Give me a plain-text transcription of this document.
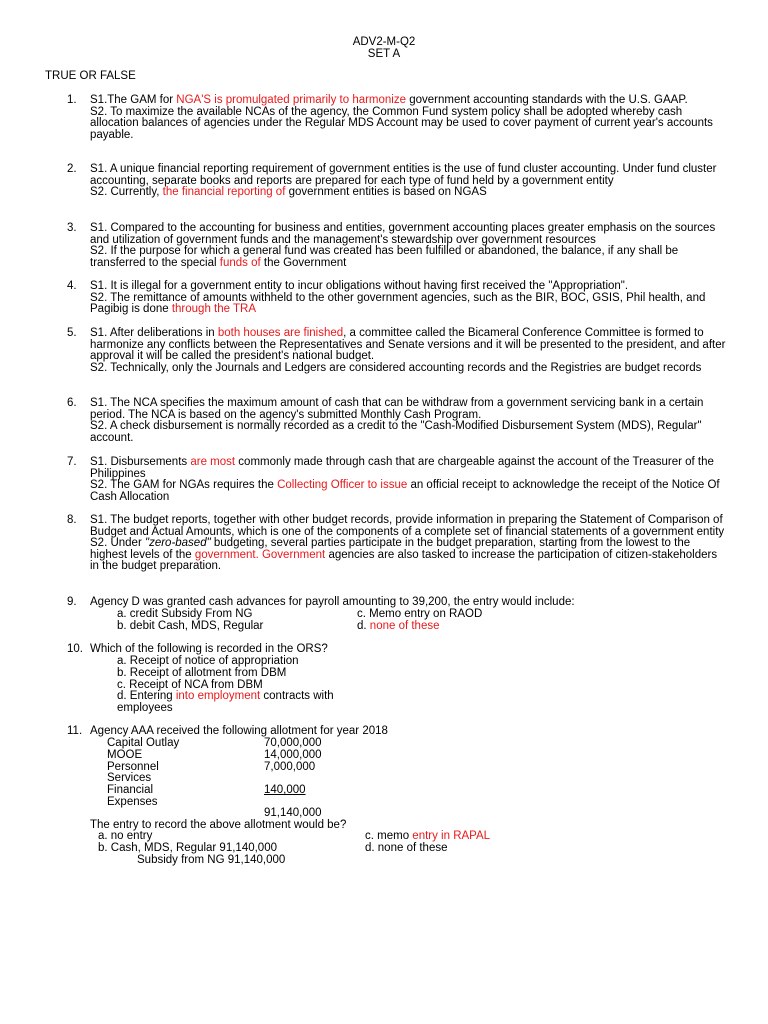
ADV2-M-Q2
SET A
TRUE OR FALSE
1. S1.The GAM for NGA'S is promulgated primarily to harmonize government accounting standards with the U.S. GAAP.
S2. To maximize the available NCAs of the agency, the Common Fund system policy shall be adopted whereby cash allocation balances of agencies under the Regular MDS Account may be used to cover payment of current year's accounts payable.
2. S1. A unique financial reporting requirement of government entities is the use of fund cluster accounting. Under fund cluster accounting, separate books and reports are prepared for each type of fund held by a government entity
S2. Currently, the financial reporting of government entities is based on NGAS
3. S1. Compared to the accounting for business and entities, government accounting places greater emphasis on the sources and utilization of government funds and the management's stewardship over government resources
S2. If the purpose for which a general fund was created has been fulfilled or abandoned, the balance, if any shall be transferred to the special funds of the Government
4. S1. It is illegal for a government entity to incur obligations without having first received the "Appropriation".
S2. The remittance of amounts withheld to the other government agencies, such as the BIR, BOC, GSIS, Phil health, and Pagibig is done through the TRA
5. S1. After deliberations in both houses are finished, a committee called the Bicameral Conference Committee is formed to harmonize any conflicts between the Representatives and Senate versions and it will be presented to the president, and after approval it will be called the president's national budget.
S2. Technically, only the Journals and Ledgers are considered accounting records and the Registries are budget records
6. S1. The NCA specifies the maximum amount of cash that can be withdraw from a government servicing bank in a certain period. The NCA is based on the agency's submitted Monthly Cash Program.
S2. A check disbursement is normally recorded as a credit to the "Cash-Modified Disbursement System (MDS), Regular" account.
7. S1. Disbursements are most commonly made through cash that are chargeable against the account of the Treasurer of the Philippines
S2. The GAM for NGAs requires the Collecting Officer to issue an official receipt to acknowledge the receipt of the Notice Of Cash Allocation
8. S1. The budget reports, together with other budget records, provide information in preparing the Statement of Comparison of Budget and Actual Amounts, which is one of the components of a complete set of financial statements of a government entity
S2. Under "zero-based" budgeting, several parties participate in the budget preparation, starting from the lowest to the highest levels of the government. Government agencies are also tasked to increase the participation of citizen-stakeholders in the budget preparation.
9. Agency D was granted cash advances for payroll amounting to 39,200, the entry would include:
a. credit Subsidy From NG
b. debit Cash, MDS, Regular
c. Memo entry on RAOD
d. none of these
10. Which of the following is recorded in the ORS?
a. Receipt of notice of appropriation
b. Receipt of allotment from DBM
c. Receipt of NCA from DBM
d. Entering into employment contracts with
employees
11. Agency AAA received the following allotment for year 2018
Capital Outlay	70,000,000
MOOE	14,000,000
Personnel
Services
7,000,000
Financial
Expenses
140,000
91,140,000
The entry to record the above allotment would be?
a. no entry
b. Cash, MDS, Regular 91,140,000
Subsidy from NG 91,140,000
c. memo entry in RAPAL
d. none of these
